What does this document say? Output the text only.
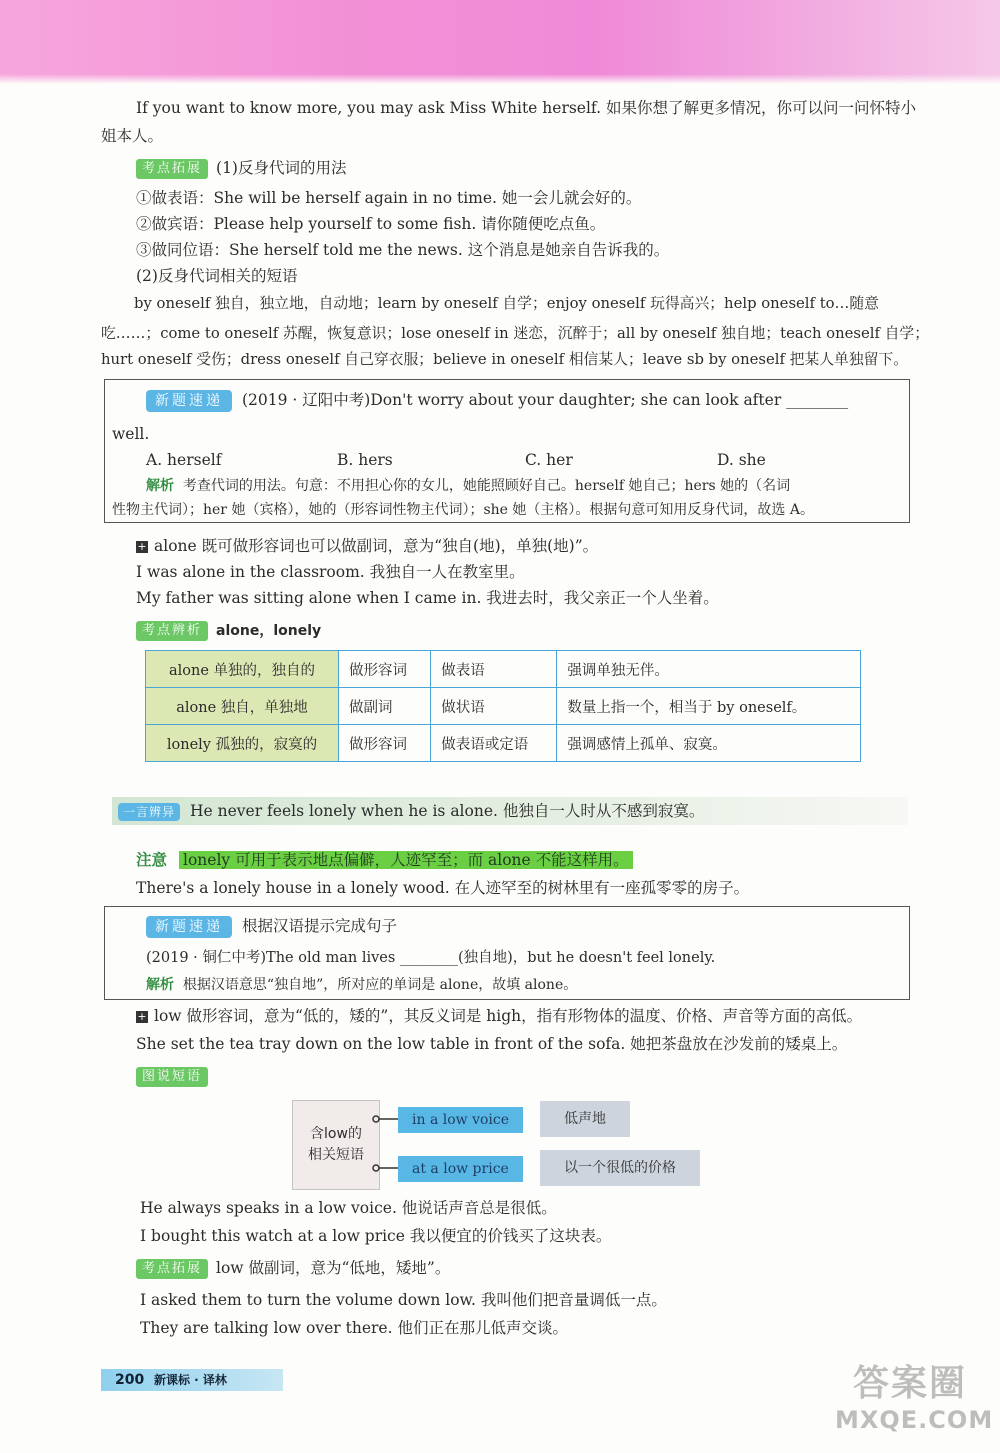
If you want to know more, you may ask Miss White herself. 如果你想了解更多情况，你可以问一问怀特小
姐本人。
考点拓展 (1)反身代词的用法
①做表语：She will be herself again in no time. 她一会儿就会好的。
②做宾语：Please help yourself to some fish. 请你随便吃点鱼。
③做同位语：She herself told me the news. 这个消息是她亲自告诉我的。
(2)反身代词相关的短语
by oneself 独自，独立地，自动地；learn by oneself 自学；enjoy oneself 玩得高兴；help oneself to…随意
吃……；come to oneself 苏醒，恢复意识；lose oneself in 迷恋，沉醉于；all by oneself 独自地；teach oneself 自学；
hurt oneself 受伤；dress oneself 自己穿衣服；believe in oneself 相信某人；leave sb by oneself 把某人单独留下。
新题速递 (2019 · 辽阳中考)Don't worry about your daughter; she can look after ________
well.
A. herself	B. hers	C. her	D. she
解析 考查代词的用法。句意：不用担心你的女儿，她能照顾好自己。herself 她自己；hers 她的（名词
性物主代词）；her 她（宾格），她的（形容词性物主代词）；she 她（主格）。根据句意可知用反身代词，故选 A。
+ alone 既可做形容词也可以做副词，意为“独自(地)，单独(地)”。
I was alone in the classroom. 我独自一人在教室里。
My father was sitting alone when I came in. 我进去时，我父亲正一个人坐着。
考点辨析 alone，lonely
alone 单独的，独自的	做形容词	做表语	强调单独无伴。
alone 独自，单独地	做副词	做状语	数量上指一个，相当于 by oneself。
lonely 孤独的，寂寞的	做形容词	做表语或定语	强调感情上孤单、寂寞。
一言辨异 He never feels lonely when he is alone. 他独自一人时从不感到寂寞。
注意 lonely 可用于表示地点偏僻，人迹罕至；而 alone 不能这样用。
There's a lonely house in a lonely wood. 在人迹罕至的树林里有一座孤零零的房子。
新题速递 根据汉语提示完成句子
(2019 · 铜仁中考)The old man lives ________(独自地)，but he doesn't feel lonely.
解析 根据汉语意思“独自地”，所对应的单词是 alone，故填 alone。
+ low 做形容词，意为“低的，矮的”，其反义词是 high，指有形物体的温度、价格、声音等方面的高低。
She set the tea tray down on the low table in front of the sofa. 她把茶盘放在沙发前的矮桌上。
图说短语
含low的
相关短语
in a low voice	低声地
at a low price	以一个很低的价格
He always speaks in a low voice. 他说话声音总是很低。
I bought this watch at a low price 我以便宜的价钱买了这块表。
考点拓展 low 做副词，意为“低地，矮地”。
I asked them to turn the volume down low. 我叫他们把音量调低一点。
They are talking low over there. 他们正在那儿低声交谈。
200 新课标 · 译林	答案圈
MXQE.COM
